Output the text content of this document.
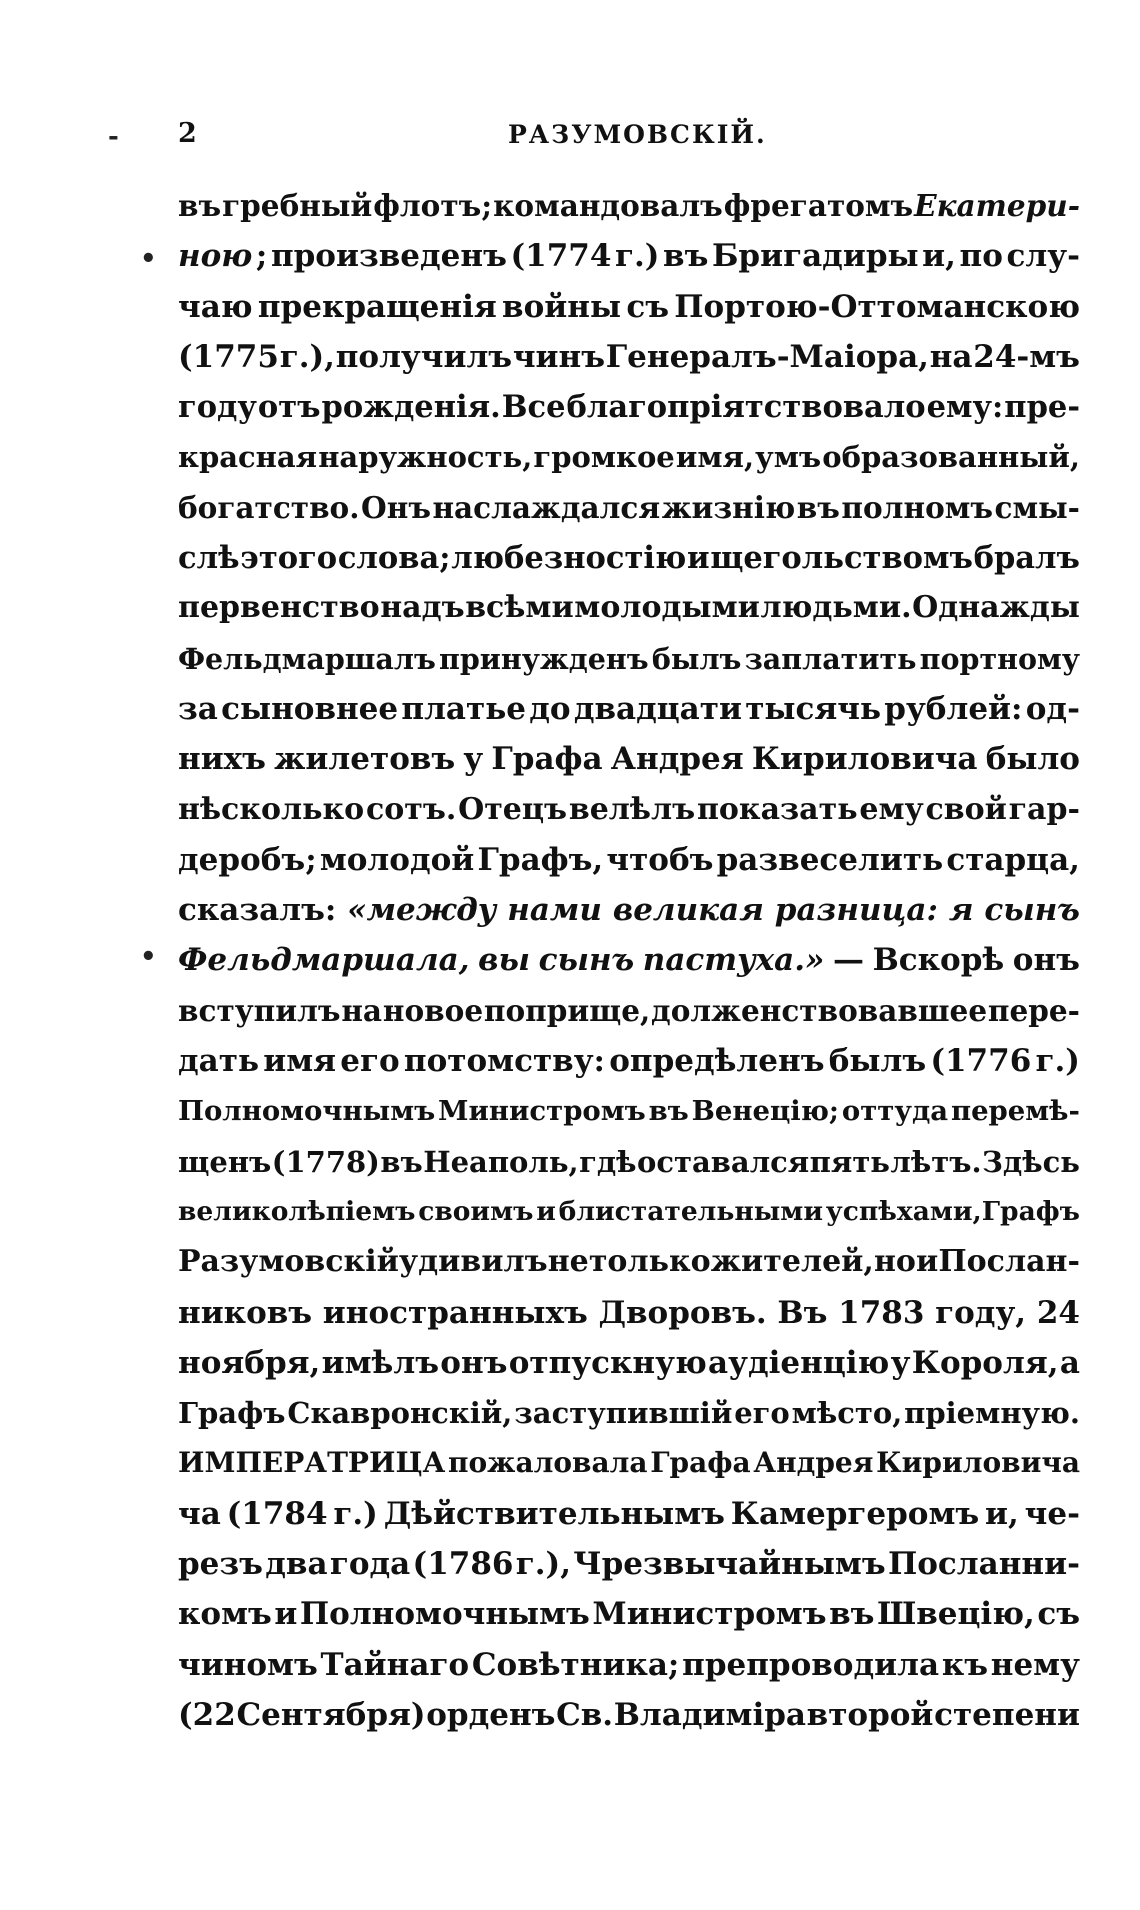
-
•
•
2	РАЗУМОВСКІЙ.
въ гребный флотъ; командовалъ фрегатомъ Екатери-
ною ; произведенъ (1774 г.) въ Бригадиры и, по слу-
чаю прекращенія войны съ Портою-Оттоманскою
(1775 г.), получилъ чинъ Генералъ-Маіора, на 24-мъ
году отъ рожденія. Все благопріятствовало ему: пре-
красная наружность, громкое имя, умъ образованный,
богатство. Онъ наслаждался жизнію въ полномъ смы-
слѣ этого слова; любезностію и щегольствомъ бралъ
первенство надъ всѣми молодыми людьми. Однажды
Фельдмаршалъ принужденъ былъ заплатить портному
за сыновнее платье до двадцати тысячь рублей: од-
нихъ жилетовъ у Графа Андрея Кириловича было
нѣсколько сотъ. Отецъ велѣлъ показать ему свой гар-
деробъ; молодой Графъ, чтобъ развеселить старца,
сказалъ: «между нами великая разница: я сынъ
Фельдмаршала, вы сынъ пастуха.» — Вскорѣ онъ
вступилъ на новое поприще, долженствовавшее пере-
дать имя его потомству: опредѣленъ былъ (1776 г.)
Полномочнымъ Министромъ въ Венецію; оттуда перемѣ-
щенъ (1778) въ Неаполь, гдѣ оставался пять лѣтъ. Здѣсь
великолѣпіемъ своимъ и блистательными успѣхами,Графъ
Разумовскій удивилъ не только жителей, но и Послан-
никовъ иностранныхъ Дворовъ. Въ 1783 году, 24
ноября, имѣлъ онъ отпускную аудіенцію у Короля, а
Графъ Скавронскій, заступившій его мѣсто, пріемную.
ИМПЕРАТРИЦА пожаловала Графа Андрея Кириловича
ча (1784 г.) Дѣйствительнымъ Камергеромъ и, че-
резъ два года (1786 г.), Чрезвычайнымъ Посланни-
комъ и Полномочнымъ Министромъ въ Швецію, съ
чиномъ Тайнаго Совѣтника; препроводила къ нему
(22 Сентября) орденъ Св. Владиміра второй степени
